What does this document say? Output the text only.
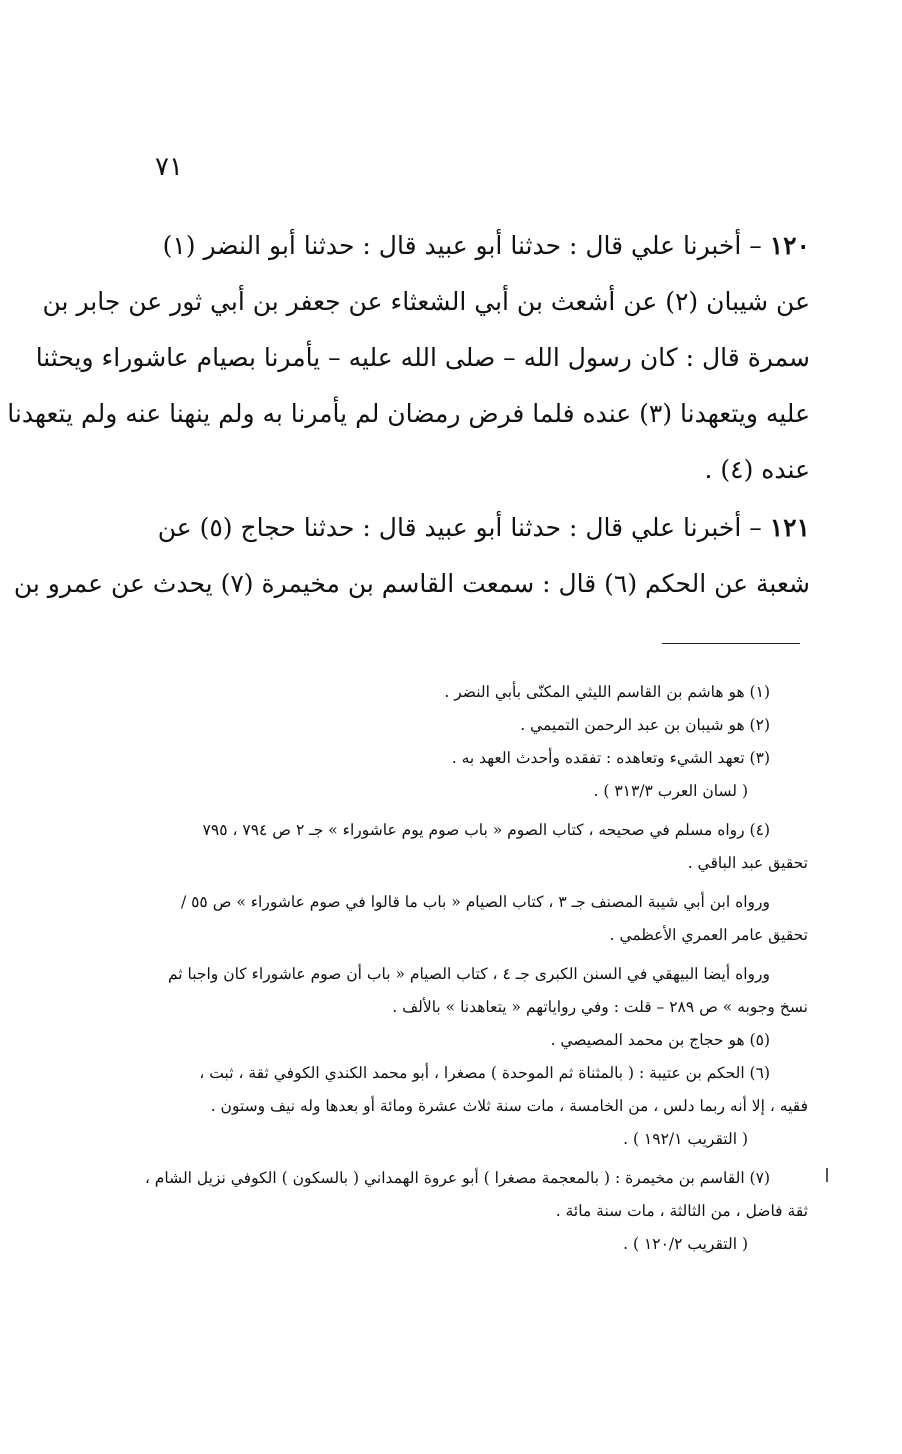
٧١
١٢٠ – أخبرنا علي قال : حدثنا أبو عبيد قال : حدثنا أبو النضر (١)
عن شيبان (٢) عن أشعث بن أبي الشعثاء عن جعفر بن أبي ثور عن جابر بن
سمرة قال : كان رسول الله – صلى الله عليه – يأمرنا بصيام عاشوراء ويحثنا
عليه ويتعهدنا (٣) عنده فلما فرض رمضان لم يأمرنا به ولم ينهنا عنه ولم يتعهدنا
عنده (٤) .
١٢١ – أخبرنا علي قال : حدثنا أبو عبيد قال : حدثنا حجاج (٥) عن
شعبة عن الحكم (٦) قال : سمعت القاسم بن مخيمرة (٧) يحدث عن عمرو بن
(١) هو هاشم بن القاسم الليثي المكنّى بأبي النضر .
(٢) هو شيبان بن عبد الرحمن التميمي .
(٣) تعهد الشيء وتعاهده : تفقده وأحدث العهد به .
( لسان العرب ٣١٣/٣ ) .
(٤) رواه مسلم في صحيحه ، كتاب الصوم « باب صوم يوم عاشوراء » جـ ٢ ص ٧٩٤ ، ٧٩٥
تحقيق عبد الباقي .
ورواه ابن أبي شيبة المصنف جـ ٣ ، كتاب الصيام « باب ما قالوا في صوم عاشوراء » ص ٥٥ /
تحقيق عامر العمري الأعظمي .
ورواه أيضا البيهقي في السنن الكبرى جـ ٤ ، كتاب الصيام « باب أن صوم عاشوراء كان واجبا ثم
نسخ وجوبه » ص ٢٨٩ – قلت : وفي رواياتهم « يتعاهدنا » بالألف .
(٥) هو حجاج بن محمد المصيصي .
(٦) الحكم بن عتيبة : ( بالمثناة ثم الموحدة ) مصغرا ، أبو محمد الكندي الكوفي ثقة ، ثبت ،
فقيه ، إلا أنه ربما دلس ، من الخامسة ، مات سنة ثلاث عشرة ومائة أو بعدها وله نيف وستون .
( التقريب ١٩٢/١ ) .
(٧) القاسم بن مخيمرة : ( بالمعجمة مصغرا ) أبو عروة الهمداني ( بالسكون ) الكوفي نزيل الشام ،
ثقة فاضل ، من الثالثة ، مات سنة مائة .
( التقريب ١٢٠/٢ ) .
